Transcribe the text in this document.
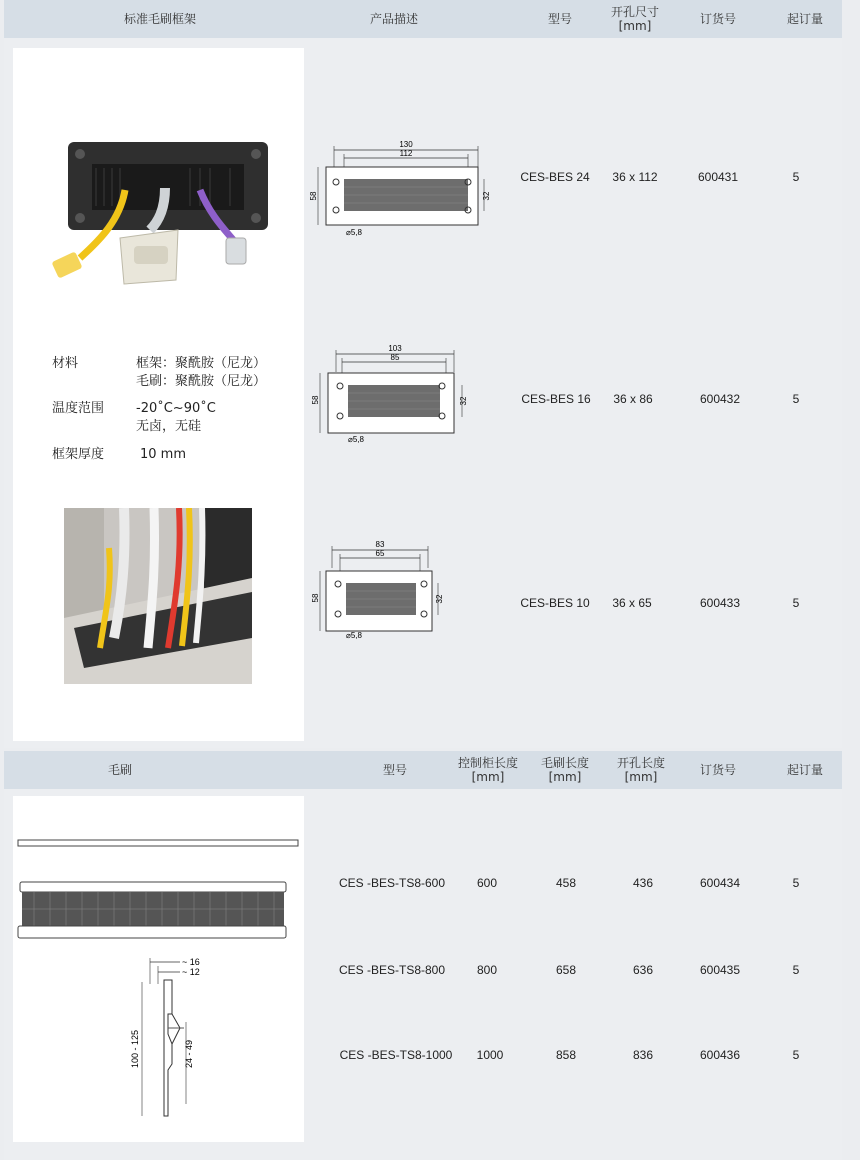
标准毛刷框架	产品描述	型号	开孔尺寸
[mm]	订货号	起订量
材料	框架：聚酰胺（尼龙）
毛刷：聚酰胺（尼龙）
温度范围 -20˚C~90˚C
无卤，无硅
框架厚度	10 mm
130
112
58	32
⌀5,8
103
85
58	32
⌀5,8
83
65
58	32
⌀5,8
CES-BES 24 36 x 112	600431	5
CES-BES 16 36 x 86	600432	5
CES-BES 10 36 x 65	600433	5
毛刷	型号	控制柜长度
[mm]
毛刷长度
[mm]
开孔长度
[mm]	订货号	起订量
~ 16
~ 12
100 - 125	24 - 49
CES -BES-TS8-600	600	458	436	600434	5
CES -BES-TS8-800	800	658	636	600435	5
CES -BES-TS8-1000 1000	858	836	600436	5
